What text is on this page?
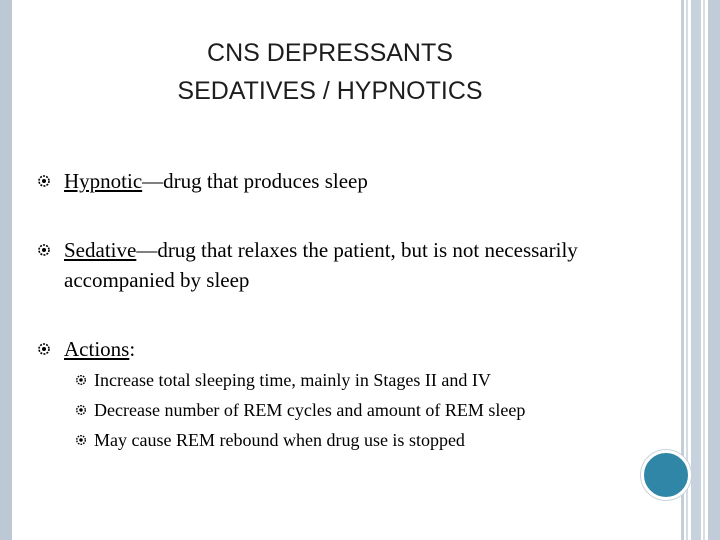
CNS DEPRESSANTS
SEDATIVES / HYPNOTICS
Hypnotic—drug that produces sleep
Sedative—drug that relaxes the patient, but is not necessarily accompanied by sleep
Actions:
Increase total sleeping time, mainly in Stages II and IV
Decrease number of REM cycles and amount of REM sleep
May cause REM rebound when drug use is stopped
